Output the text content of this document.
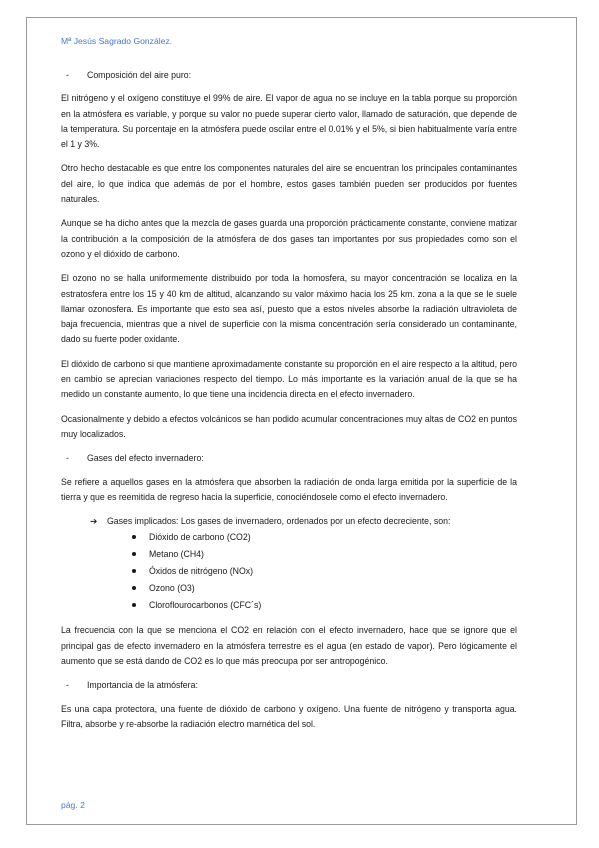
Mª Jesús Sagrado González.
- Composición del aire puro:

El nitrógeno y el oxígeno constituye el 99% de aire. El vapor de agua no se incluye en la tabla porque su proporción en la atmósfera es variable, y porque su valor no puede superar cierto valor, llamado de saturación, que depende de la temperatura. Su porcentaje en la atmósfera puede oscilar entre el 0.01% y el 5%, si bien habitualmente varía entre el 1 y 3%.

Otro hecho destacable es que entre los componentes naturales del aire se encuentran los principales contaminantes del aire, lo que indica que además de por el hombre, estos gases también pueden ser producidos por fuentes naturales.

Aunque se ha dicho antes que la mezcla de gases guarda una proporción prácticamente constante, conviene matizar la contribución a la composición de la atmósfera de dos gases tan importantes por sus propiedades como son el ozono y el dióxido de carbono.

El ozono no se halla uniformemente distribuido por toda la homosfera, su mayor concentración se localiza en la estratosfera entre los 15 y 40 km de altitud, alcanzando su valor máximo hacia los 25 km. zona a la que se le suele llamar ozonosfera. Es importante que esto sea así, puesto que a estos niveles absorbe la radiación ultravioleta de baja frecuencia, mientras que a nivel de superficie con la misma concentración sería considerado un contaminante, dado su fuerte poder oxidante.

El dióxido de carbono si que mantiene aproximadamente constante su proporción en el aire respecto a la altitud, pero en cambio se aprecian variaciones respecto del tiempo. Lo más importante es la variación anual de la que se ha medido un constante aumento, lo que tiene una incidencia directa en el efecto invernadero.

Ocasionalmente y debido a efectos volcánicos se han podido acumular concentraciones muy altas de CO2 en puntos muy localizados.

- Gases del efecto invernadero:

Se refiere a aquellos gases en la atmósfera que absorben la radiación de onda larga emitida por la superficie de la tierra y que es reemitida de regreso hacia la superficie, conociéndosele como el efecto invernadero.

➔ Gases implicados: Los gases de invernadero, ordenados por un efecto decreciente, son:
Dióxido de carbono (CO2)
Metano (CH4)
Óxidos de nitrógeno (NOx)
Ozono (O3)
Cloroflourocarbonos (CFC´s)

La frecuencia con la que se menciona el CO2 en relación con el efecto invernadero, hace que se ignore que el principal gas de efecto invernadero en la atmósfera terrestre es el agua (en estado de vapor). Pero lógicamente el aumento que se está dando de CO2 es lo que más preocupa por ser antropogénico.

- Importancia de la atmósfera:

Es una capa protectora, una fuente de dióxido de carbono y oxígeno. Una fuente de nitrógeno y transporta agua. Filtra, absorbe y re-absorbe la radiación electro marnética del sol.

pág. 2
